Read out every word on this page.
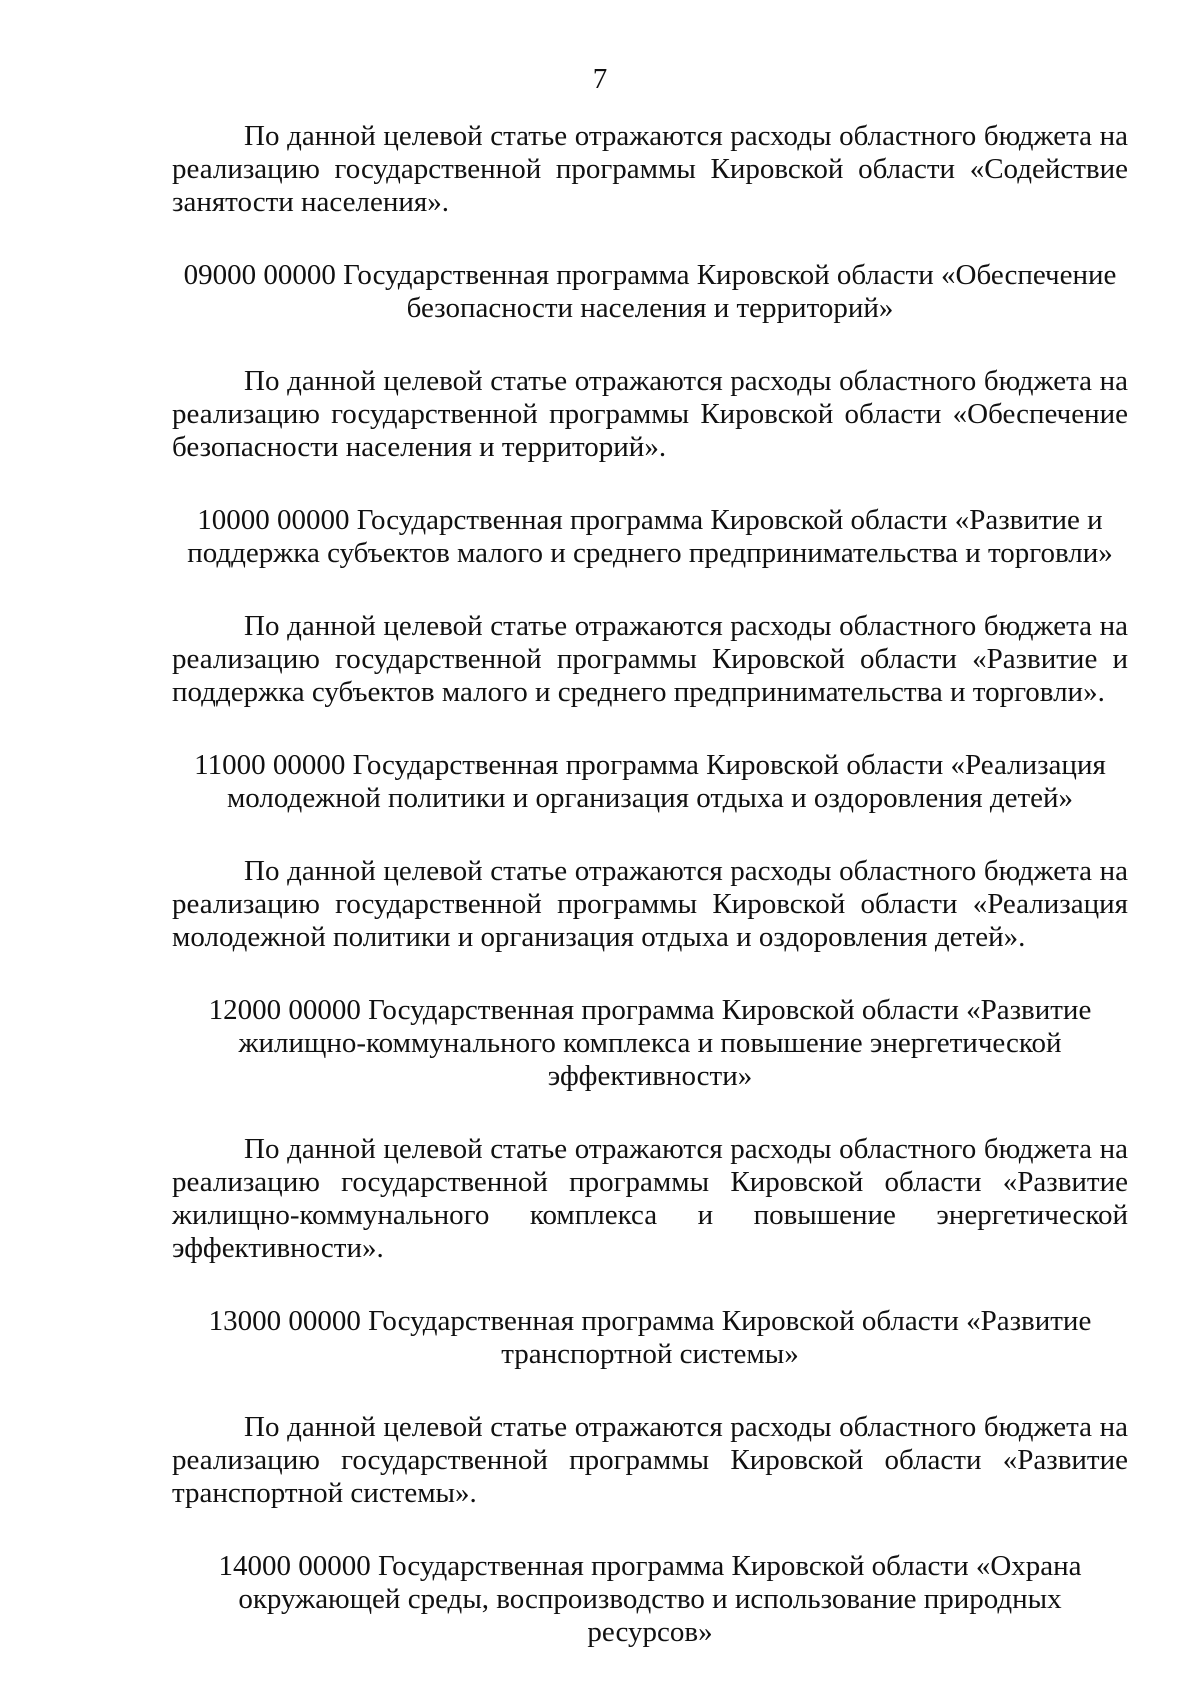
7
По данной целевой статье отражаются расходы областного бюджета на
реализацию государственной программы Кировской области «Содействие
занятости населения».
09000 00000 Государственная программа Кировской области «Обеспечение
безопасности населения и территорий»
По данной целевой статье отражаются расходы областного бюджета на
реализацию государственной программы Кировской области «Обеспечение
безопасности населения и территорий».
10000 00000 Государственная программа Кировской области «Развитие и
поддержка субъектов малого и среднего предпринимательства и торговли»
По данной целевой статье отражаются расходы областного бюджета на
реализацию государственной программы Кировской области «Развитие и
поддержка субъектов малого и среднего предпринимательства и торговли».
11000 00000 Государственная программа Кировской области «Реализация
молодежной политики и организация отдыха и оздоровления детей»
По данной целевой статье отражаются расходы областного бюджета на
реализацию государственной программы Кировской области «Реализация
молодежной политики и организация отдыха и оздоровления детей».
12000 00000 Государственная программа Кировской области «Развитие
жилищно-коммунального комплекса и повышение энергетической
эффективности»
По данной целевой статье отражаются расходы областного бюджета на
реализацию государственной программы Кировской области «Развитие
жилищно-коммунального комплекса и повышение энергетической
эффективности».
13000 00000 Государственная программа Кировской области «Развитие
транспортной системы»
По данной целевой статье отражаются расходы областного бюджета на
реализацию государственной программы Кировской области «Развитие
транспортной системы».
14000 00000 Государственная программа Кировской области «Охрана
окружающей среды, воспроизводство и использование природных ресурсов»
